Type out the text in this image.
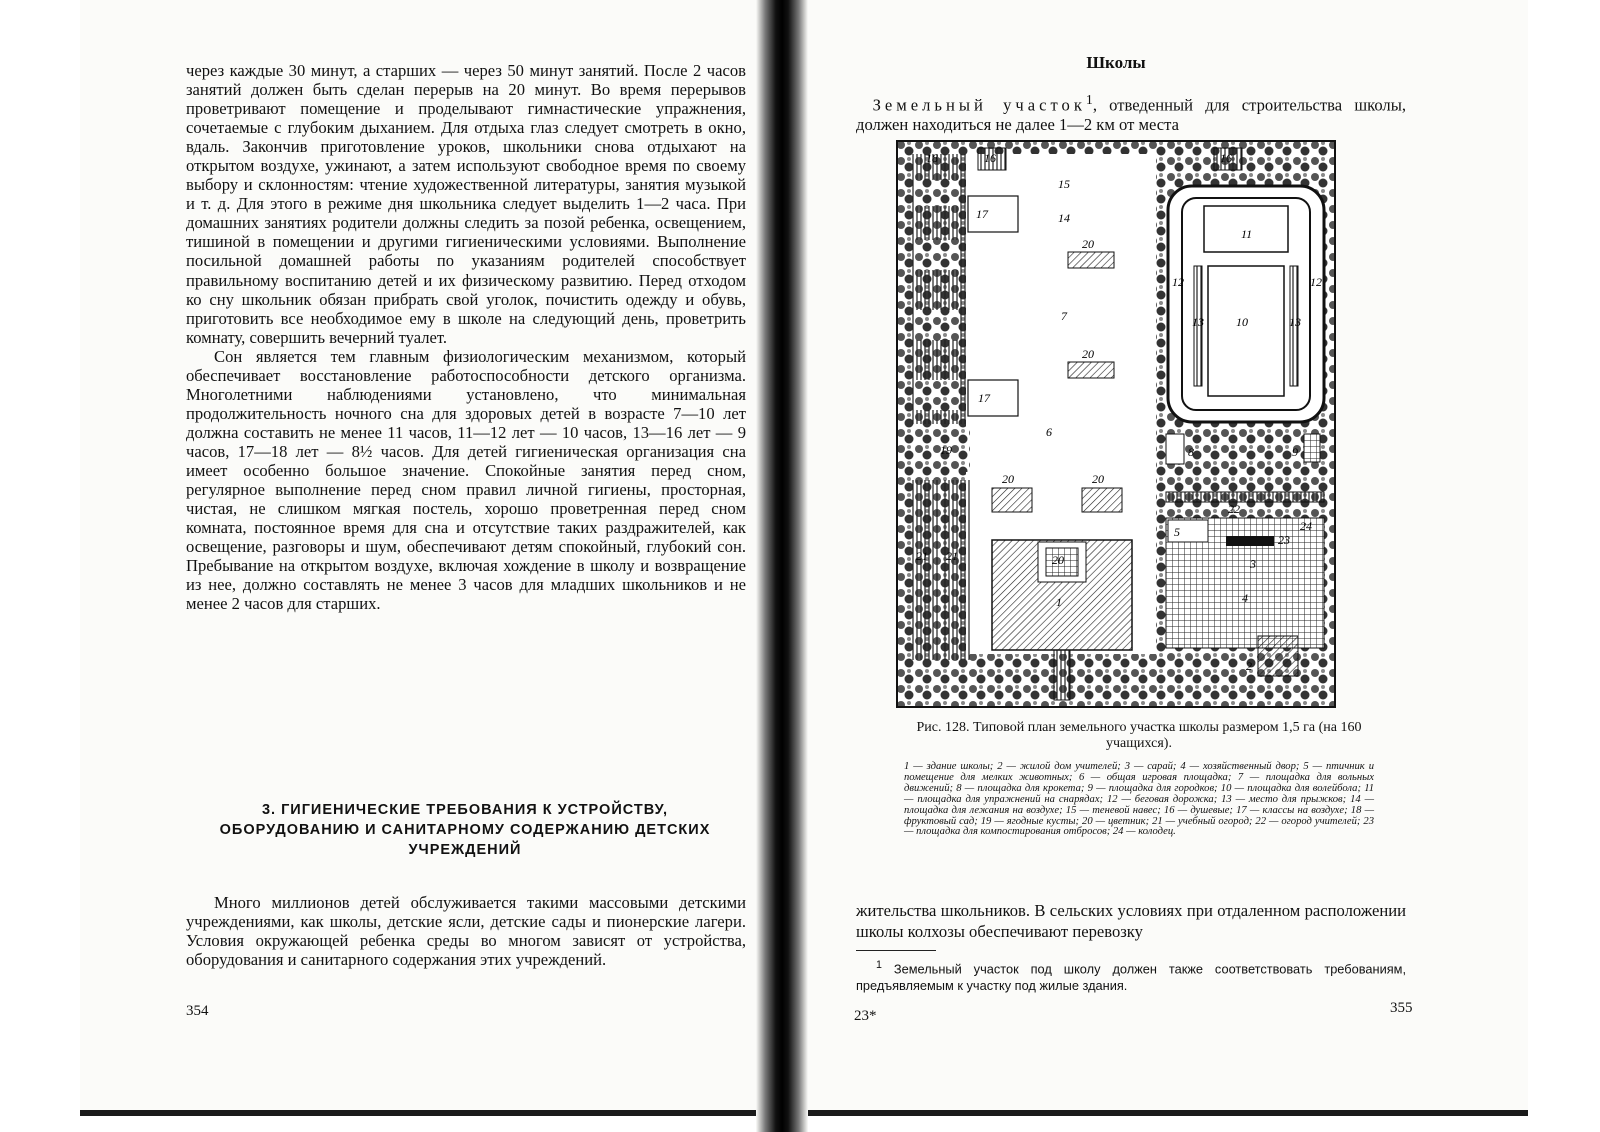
через каждые 30 минут, а старших — через 50 минут занятий. После 2 часов занятий должен быть сделан перерыв на 20 минут. Во время перерывов проветривают помещение и проделывают гимнастические упражнения, сочетаемые с глубоким дыханием. Для отдыха глаз следует смотреть в окно, вдаль. Закончив приготовление уроков, школьники снова отдыхают на открытом воздухе, ужинают, а затем используют свободное время по своему выбору и склонностям: чтение художественной литературы, занятия музыкой и т. д. Для этого в режиме дня школьника следует выделить 1—2 часа. При домашних занятиях родители должны следить за позой ребенка, освещением, тишиной в помещении и другими гигиеническими условиями. Выполнение посильной домашней работы по указаниям родителей способствует правильному воспитанию детей и их физическому развитию. Перед отходом ко сну школьник обязан прибрать свой уголок, почистить одежду и обувь, приготовить все необходимое ему в школе на следующий день, проветрить комнату, совершить вечерний туалет.

Сон является тем главным физиологическим механизмом, который обеспечивает восстановление работоспособности детского организма. Многолетними наблюдениями установлено, что минимальная продолжительность ночного сна для здоровых детей в возрасте 7—10 лет должна составить не менее 11 часов, 11—12 лет — 10 часов, 13—16 лет — 9 часов, 17—18 лет — 8½ часов. Для детей гигиеническая организация сна имеет особенно большое значение. Спокойные занятия перед сном, регулярное выполнение перед сном правил личной гигиены, просторная, чистая, не слишком мягкая постель, хорошо проветренная перед сном комната, постоянное время для сна и отсутствие таких раздражителей, как освещение, разговоры и шум, обеспечивают детям спокойный, глубокий сон. Пребывание на открытом воздухе, включая хождение в школу и возвращение из нее, должно составлять не менее 3 часов для младших школьников и не менее 2 часов для старших.

3. ГИГИЕНИЧЕСКИЕ ТРЕБОВАНИЯ К УСТРОЙСТВУ, ОБОРУДОВАНИЮ И САНИТАРНОМУ СОДЕРЖАНИЮ ДЕТСКИХ УЧРЕЖДЕНИЙ

Много миллионов детей обслуживается такими массовыми детскими учреждениями, как школы, детские ясли, детские сады и пионерские лагери. Условия окружающей ребенка среды во многом зависят от устройства, оборудования и санитарного содержания этих учреждений.

354
Школы

 Земельный участок$^1$, отведенный для строительства школы, должен находиться не далее 1—2 км от места

15
14
20
7
20
6
20	20
20
1
17
17
18
19
21 21
16	16
11
10
12	12
13	13
8	9
22
5
23
3
4
2
24

Рис. 128. Типовой план земельного участка школы размером 1,5 га (на 160 учащихся).

1 — здание школы; 2 — жилой дом учителей; 3 — сарай; 4 — хозяйственный двор; 5 — птичник и помещение для мелких животных; 6 — общая игровая площадка; 7 — площадка для вольных движений; 8 — площадка для крокета; 9 — площадка для городков; 10 — площадка для волейбола; 11 — площадка для упражнений на снарядах; 12 — беговая дорожка; 13 — место для прыжков; 14 — площадка для лежания на воздухе; 15 — теневой навес; 16 — душевые; 17 — классы на воздухе; 18 — фруктовый сад; 19 — ягодные кусты; 20 — цветник; 21 — учебный огород; 22 — огород учителей; 23 — площадка для компостирования отбросов; 24 — колодец.

жительства школьников. В сельских условиях при отдаленном расположении школы колхозы обеспечивают перевозку

$^1$ Земельный участок под школу должен также соответствовать требованиям, предъявляемым к участку под жилые здания.

23*	355
